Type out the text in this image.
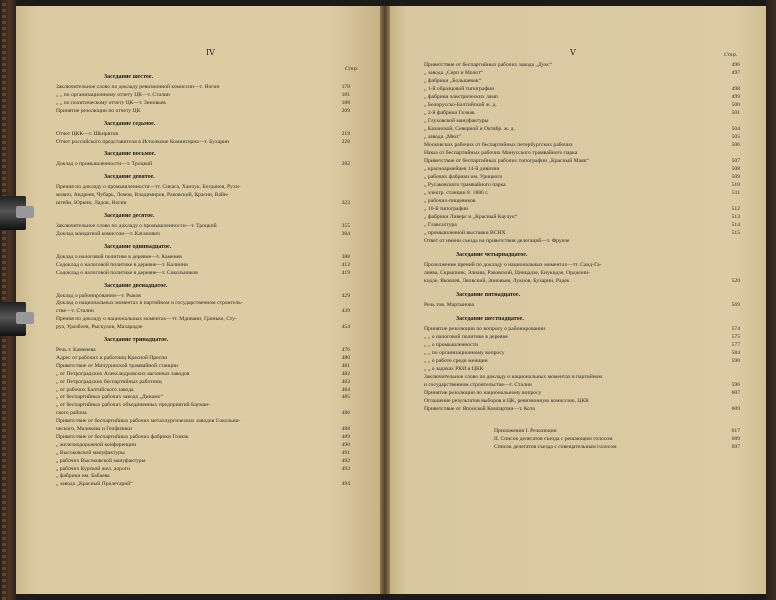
IV
Стр.
Заседание шестое.
Заключительное слово по докладу ревизионной комиссии—т. Ногин	178
„ „ по организационному отчету ЦК—т. Сталин	181
„ „ по политическому отчету ЦК—т. Зиновьев	188
Принятие резолюции по отчету ЦК	209
Заседание седьмое.
Отчет ЦКК—т. Шкирятов	219
Отчет российского представителя в Исполкоме Коминтерна—т. Бухарин	228
Заседание восьмое.
Доклад о промышленности—т. Троцкий	282
Заседание девятое.
Прения по докладу о промышленности—тт. Сикага, Ханчук, Богданов, Рухи-
мович, Андреев, Чубарь, Ломов, Владимиров, Раковский, Красин, Вайн-
штейн, Юркин, Ладов, Ногин	323
Заседание десятое.
Заключительное слово по докладу о промышленности—т. Троцкий	355
Доклад мандатной комиссии—т. Каганович	384
Заседание одиннадцатое.
Доклад о налоговой политике в деревне—т. Каменев	388
Содоклад о налоговой политике в деревне—т. Калинин	412
Содоклад о налоговой политике в деревне—т. Сокольников	419
Заседание двенадцатое.
Доклад о районировании—т. Рыков	429
Доклад о национальных моментах в партийном и государственном строитель-
стве—т. Сталин	439
Прения по докладу о национальных моментах—тт. Мдивани, Гринько, Сту-
руа, Уразбоев, Рыскулов, Махарадзе	454
Заседание тринадцатое.
Речь т. Каменева	476
Адрес от рабочих и работниц Красной Пресни	480
Приветствие от Мичуринской трамвайной станции	481
„ от Петроградских Александровских вагонных заводов	482
„ от Петроградских беспартийных работниц	483
„ от рабочих Балтийского завода	484
„ от беспартийных рабочих завода „Динамо“	485
„ от беспартийных рабочих объединенных предприятий Бауман-
ского района	486
Приветствие от беспартийных рабочих металлургических заводов Сокольни-
ческого, Маликова и Геофизики	488
Приветствие от беспартийных рабочих фабрики Гознак	489
„ железнодорожной конференции	490
„ Высоковской мануфактуры	491
„ рабочих Высоковской мануфактуры	492
„ рабочих Курской жел. дороги	493
„ фабрики им. Бабаева
„ завода „Красный Пролетарий“	494
V	Стр.
Приветствие от беспартийных рабочих завода „Дукс“	496
„ завода „Серп и Молот“	497
„ фабрики „Большевик“
„ 1-й образцовой типографии	498
„ фабрики электрических ламп	499
„ Белорусско-Балтийской ж. д.	500
„ 2-й фабрики Гознак	501
„ Глуховской мануфактуры
„ Казанской, Северной и Октябр. ж. д.	504
„ завода „Мюз“	505
Московских рабочих от беспартийных петербургских рабочих	506
Наказ от беспартийных рабочих Минусского трамвайного парка
Приветствие от беспартийных рабочих типографии „Красный Маяк“	507
„ красноармейцев 14-й дивизии	508
„ рабочих фабрики им. Урицкого	509
„ Русаковского трамвайного парка	510
„ электр. станции 8. 1886 г.	511
„ рабочих-пищевиков
„ 16-й типографии	512
„ фабрики Ливерс и „Красный Каучук“	513
„ Главсахтура	514
„ промышленной выставки ВСНХ	515
Ответ от имени съезда на приветствия делегаций—т. Фрунзе
Заседание четырнадцатое.
Прозолжение прений по докладу о национальных моментах—тт. Саид-Га-
лиева, Скрыпник, Элиава, Раковский, Цинцадзе, Енукидзе, Орджони-
кидзе, Яковлев, Ляхвский, Зиновьев, Лукнов, Бухарин, Радек	520
Заседание пятнадцатое.
Речь тов. Мартынова	569
Заседание шестнадцатое.
Принятие резолюции по вопросу о районировании	574
„ „ о налоговой политике в деревне	575
„ „ о промышленности	577
„ „ по организационному вопросу	584
„ „ о работе среди женщин	590
„ „ о задачах РКИ и ЦКК
Заключительное слово по докладу о национальных моментах в партийном
и государственном строительстве—т. Сталин	596
Принятие резолюции по национальному вопросу	607
Оглашение результатов выборов в ЦК, ревизионную комиссию, ЦКК
Приветствие от Японской Компартии—т. Кото	609
Приложения I. Резолюции	617
II. Список делегатов съезда с решающим голосом	689
Список делегатов съезда с совещательным голосом	697
